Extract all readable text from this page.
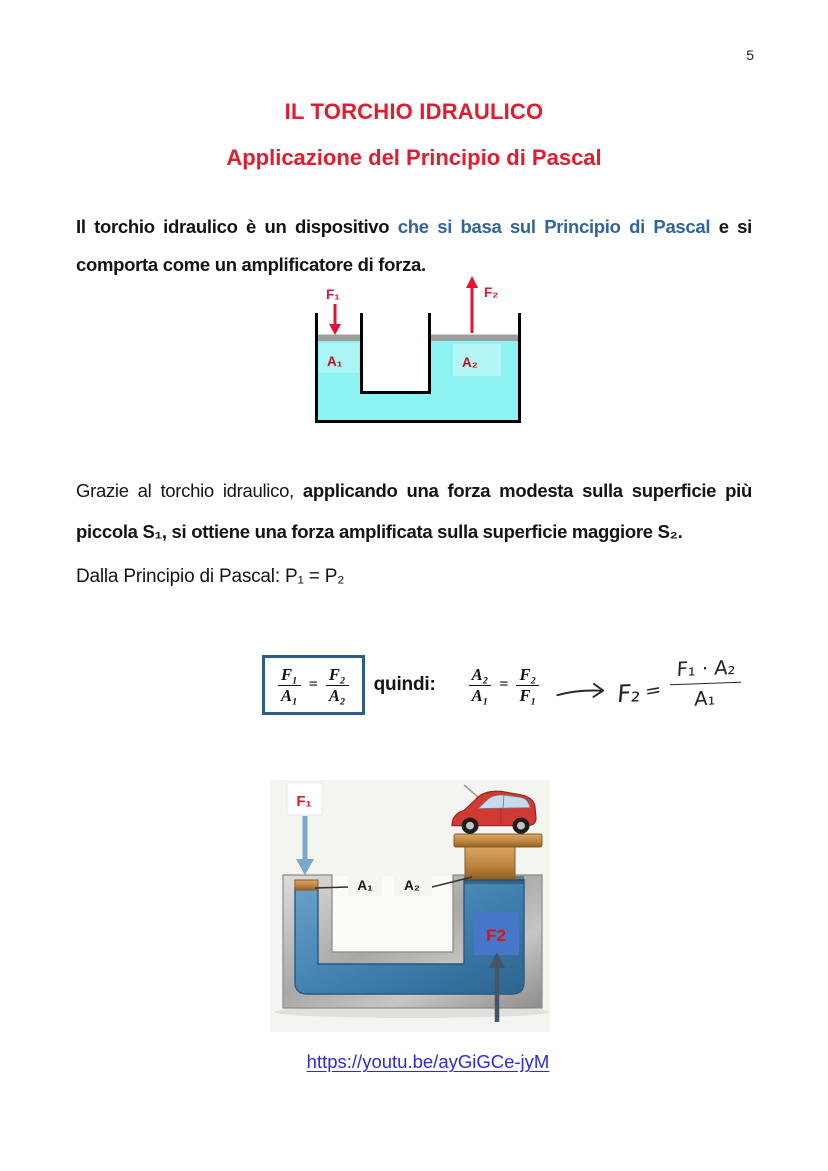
5
IL TORCHIO IDRAULICO
Applicazione del Principio di Pascal

Il torchio idraulico è un dispositivo che si basa sul Principio di Pascal e si comporta come un amplificatore di forza.

F₁	F₂
A₁	A₂

Grazie al torchio idraulico, applicando una forza modesta sulla superficie più piccola S₁, si ottiene una forza amplificata sulla superficie maggiore S₂.

Dalla Principio di Pascal: P₁ = P₂
$\frac{\text{F₁}}{\text{A₁}} = \frac{\text{F₂}}{\text{A₂}}$ quindi: $\frac{\text{A₂}}{\text{A₁}} = \frac{\text{F₂}}{\text{F₁}}$	$F_2 = \frac{\text{F₁ · A₂}}{\text{A₁}}$
F₁
A₁ A₂
F2
https://youtu.be/ayGiGCe-jyM
